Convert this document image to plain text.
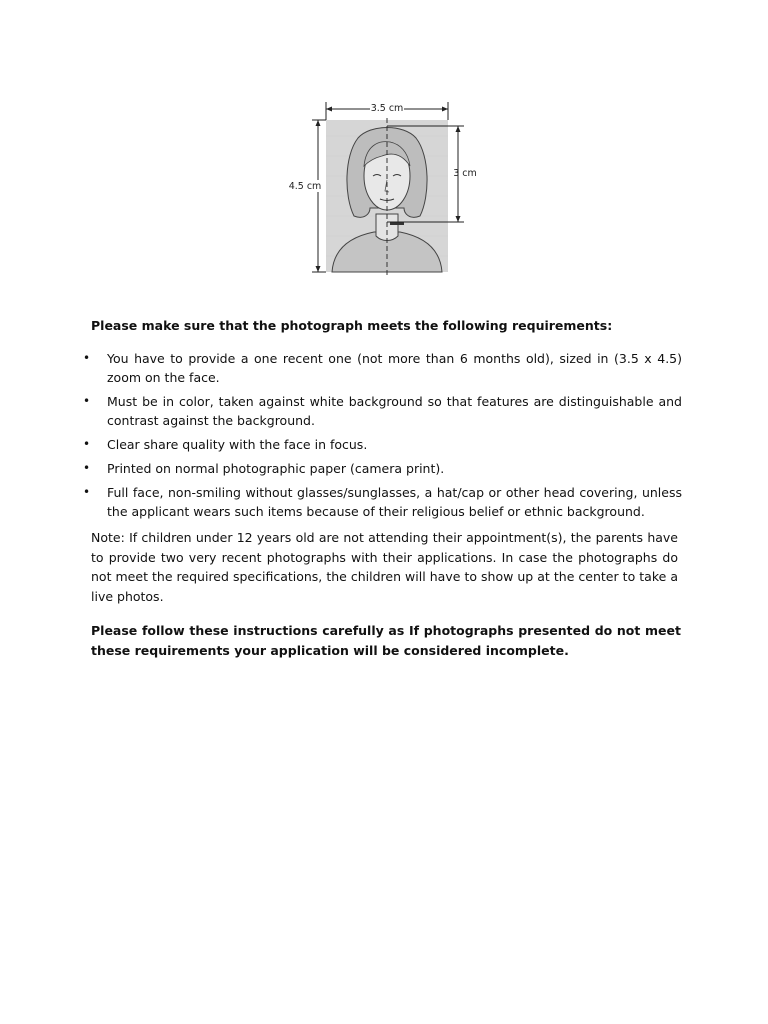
3.5 cm
4.5 cm
3 cm

Please make sure that the photograph meets the following requirements:

• You have to provide a one recent one (not more than 6 months old), sized in (3.5 x 4.5) zoom on the face.
• Must be in color, taken against white background so that features are distinguishable and contrast against the background.
• Clear share quality with the face in focus.
• Printed on normal photographic paper (camera print).
• Full face, non-smiling without glasses/sunglasses, a hat/cap or other head covering, unless the applicant wears such items because of their religious belief or ethnic background.

Note: If children under 12 years old are not attending their appointment(s), the parents have to provide two very recent photographs with their applications. In case the photographs do not meet the required specifications, the children will have to show up at the center to take a live photos.

Please follow these instructions carefully as If photographs presented do not meet these requirements your application will be considered incomplete.
